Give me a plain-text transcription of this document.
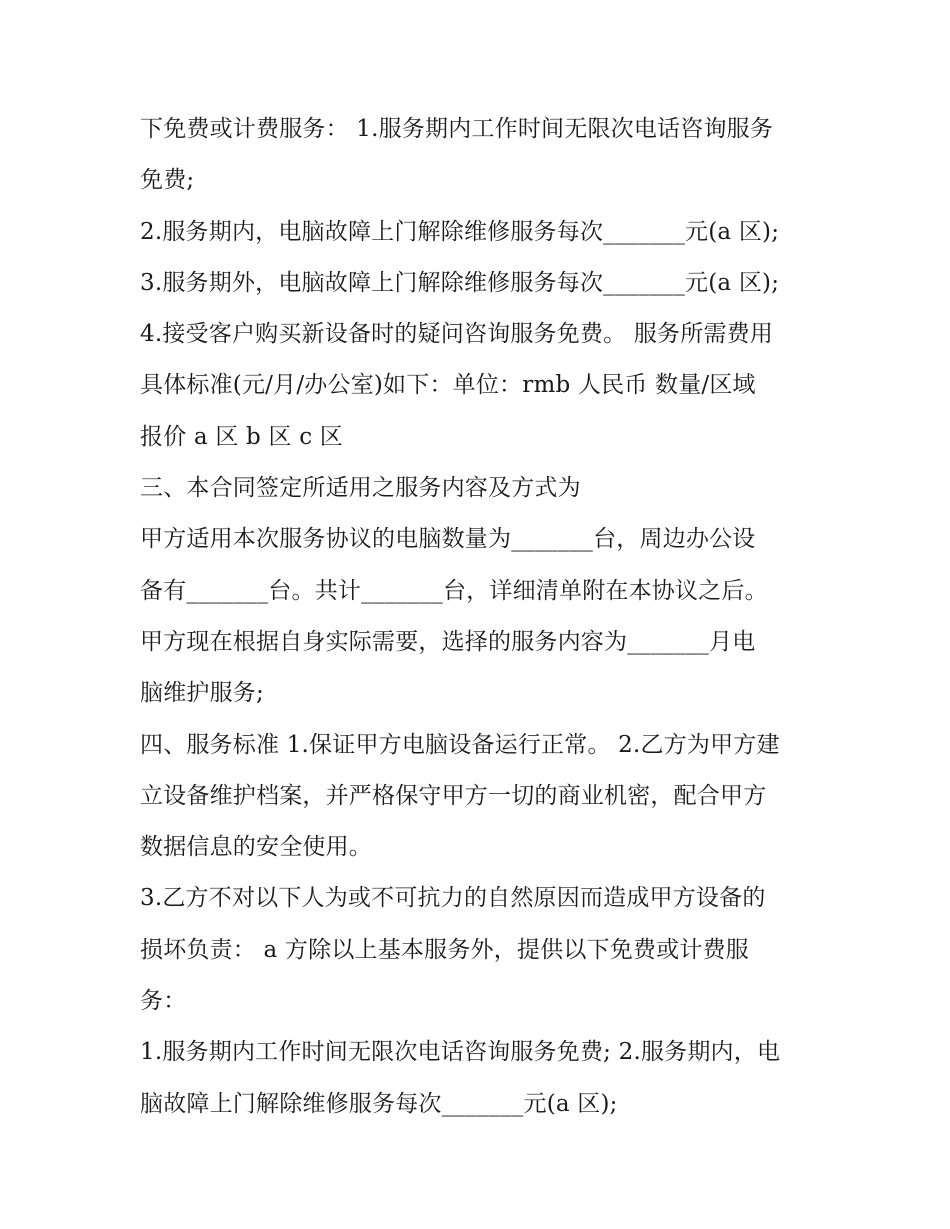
下免费或计费服务： 1.服务期内工作时间无限次电话咨询服务
免费;
2.服务期内，电脑故障上门解除维修服务每次_______元(a 区);
3.服务期外，电脑故障上门解除维修服务每次_______元(a 区);
4.接受客户购买新设备时的疑问咨询服务免费。 服务所需费用
具体标准(元/月/办公室)如下：单位：rmb 人民币 数量/区域
报价 a 区 b 区 c 区
三、本合同签定所适用之服务内容及方式为
甲方适用本次服务协议的电脑数量为_______台，周边办公设
备有_______台。共计_______台，详细清单附在本协议之后。
甲方现在根据自身实际需要，选择的服务内容为_______月电
脑维护服务;
四、服务标准 1.保证甲方电脑设备运行正常。 2.乙方为甲方建
立设备维护档案，并严格保守甲方一切的商业机密，配合甲方
数据信息的安全使用。
3.乙方不对以下人为或不可抗力的自然原因而造成甲方设备的
损坏负责： a 方除以上基本服务外，提供以下免费或计费服
务：
1.服务期内工作时间无限次电话咨询服务免费; 2.服务期内，电
脑故障上门解除维修服务每次_______元(a 区);
